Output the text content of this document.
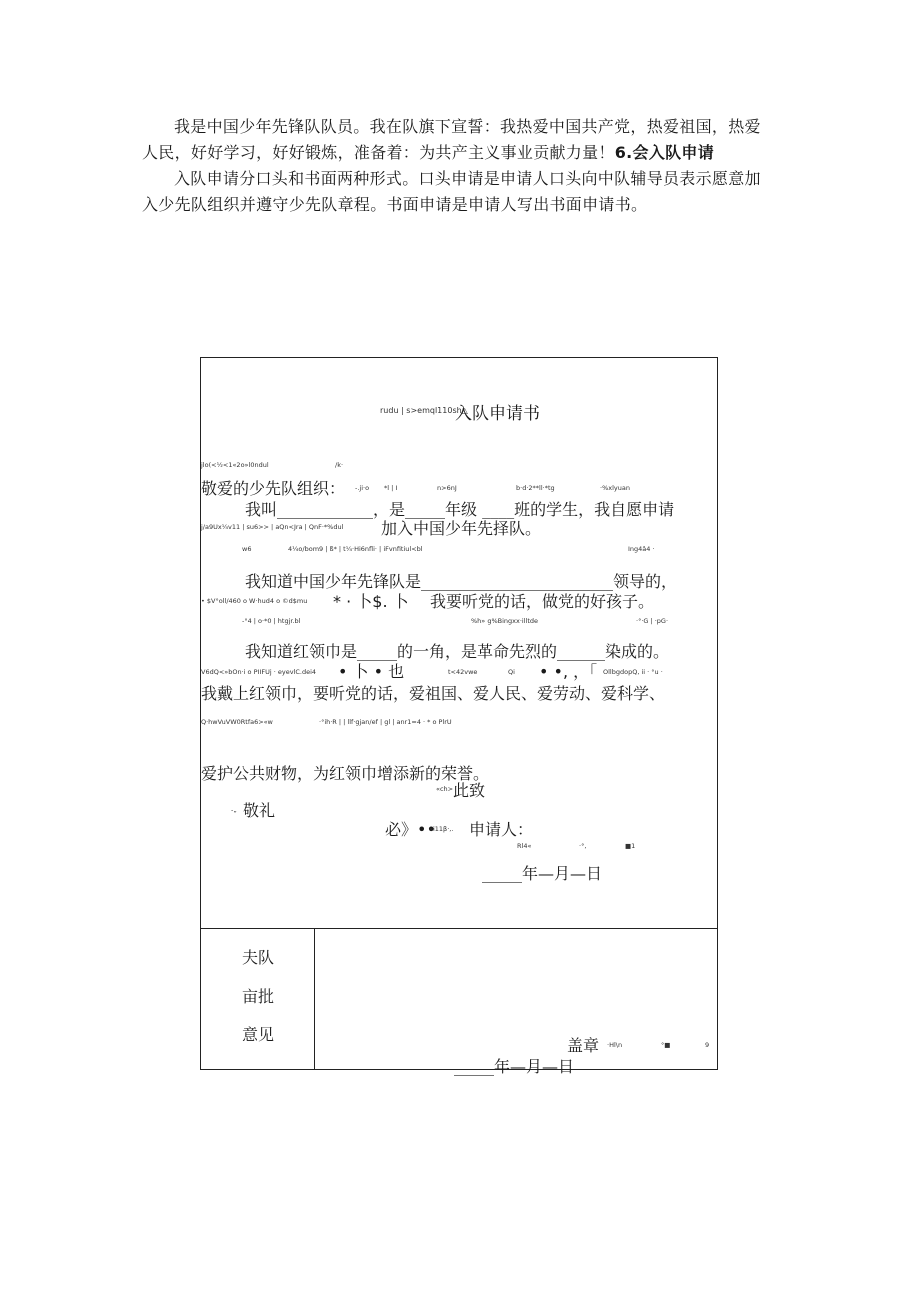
我是中国少年先锋队队员。我在队旗下宣誓：我热爱中国共产党，热爱祖国，热爱
人民，好好学习，好好锻炼，准备着：为共产主义事业贡献力量！6.会入队申请
入队申请分口头和书面两种形式。口头申请是申请人口头向中队辅导员表示愿意加
入少先队组织并遵守少先队章程。书面申请是申请人写出书面申请书。
rudu | s>emql110sh△
入队申请书
jlo(<½<1«2o»l0ndul	/k·
敬爱的少先队组织： -.ji·o *l | I	n>6nJ	b·d·2**ll·*tg	·%xlyuan
我叫____________，是_____年级 ____班的学生，我自愿申请
j/a9Ux¼v11 | su6>> | aQn<Jra | QnF·*%dul 加入中国少年先择队。
w6	4¼o/bom9 | ß* | t¼·Hi6nfli· | iFvnfitiul<bl	Ing4â4 ·
我知道中国少年先锋队是________________________领导的，
• $V°oll/460 o W·hud4 o ©d$mu * · 卜$. 卜 我要听党的话，做党的好孩子。
-°4 | o·*0 | htgjr.bl	%h» g%Bingxx·illtde	·°·G | ·pG·
我知道红领巾是_____的一角，是革命先烈的______染成的。
V6dQ<»bOn·i o PIIFUj · eyevlC.dei4 • 卜 • 也	t<42vwe	Qi • •, ，「 OllbgdopQ, ii · °u ·
我戴上红领巾，要听党的话，爱祖国、爱人民、爱劳动、爱科学、
Q·hwVuVW0Rtfa6>«w	·°ih·R | | llf·gjan/ef | gl | anr1=4 · * o PlrU
爱护公共财物，为红领巾增添新的荣誉。
«ch> 此致
-„ 敬礼
必》••
«i11β·,. 申请人：
Rl4«	·°,	■1
_____年—月—日
夫队
亩批
意见
盖章 ·Hl\n	°■	9
_____年—月—日
